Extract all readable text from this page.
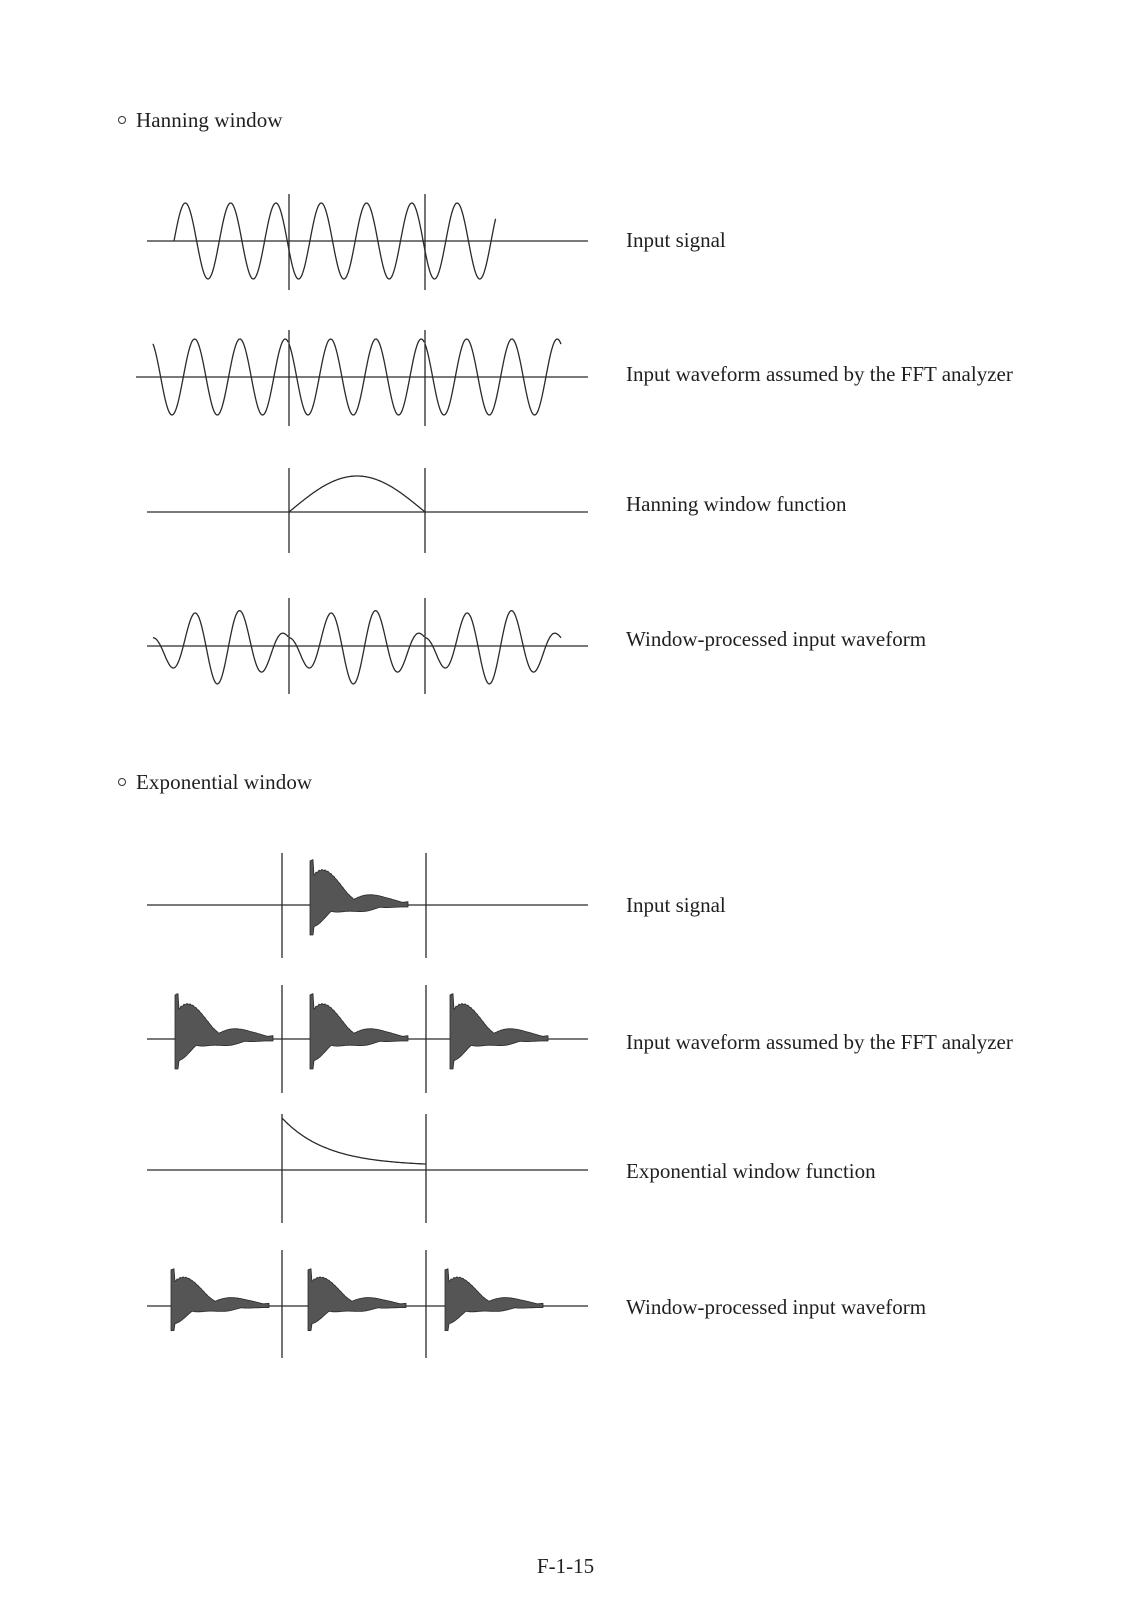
Hanning window
Input signal
Input waveform assumed by the FFT analyzer
Hanning window function
Window-processed input waveform
Exponential window
Input signal
Input waveform assumed by the FFT analyzer
Exponential window function
Window-processed input waveform
F-1-15
